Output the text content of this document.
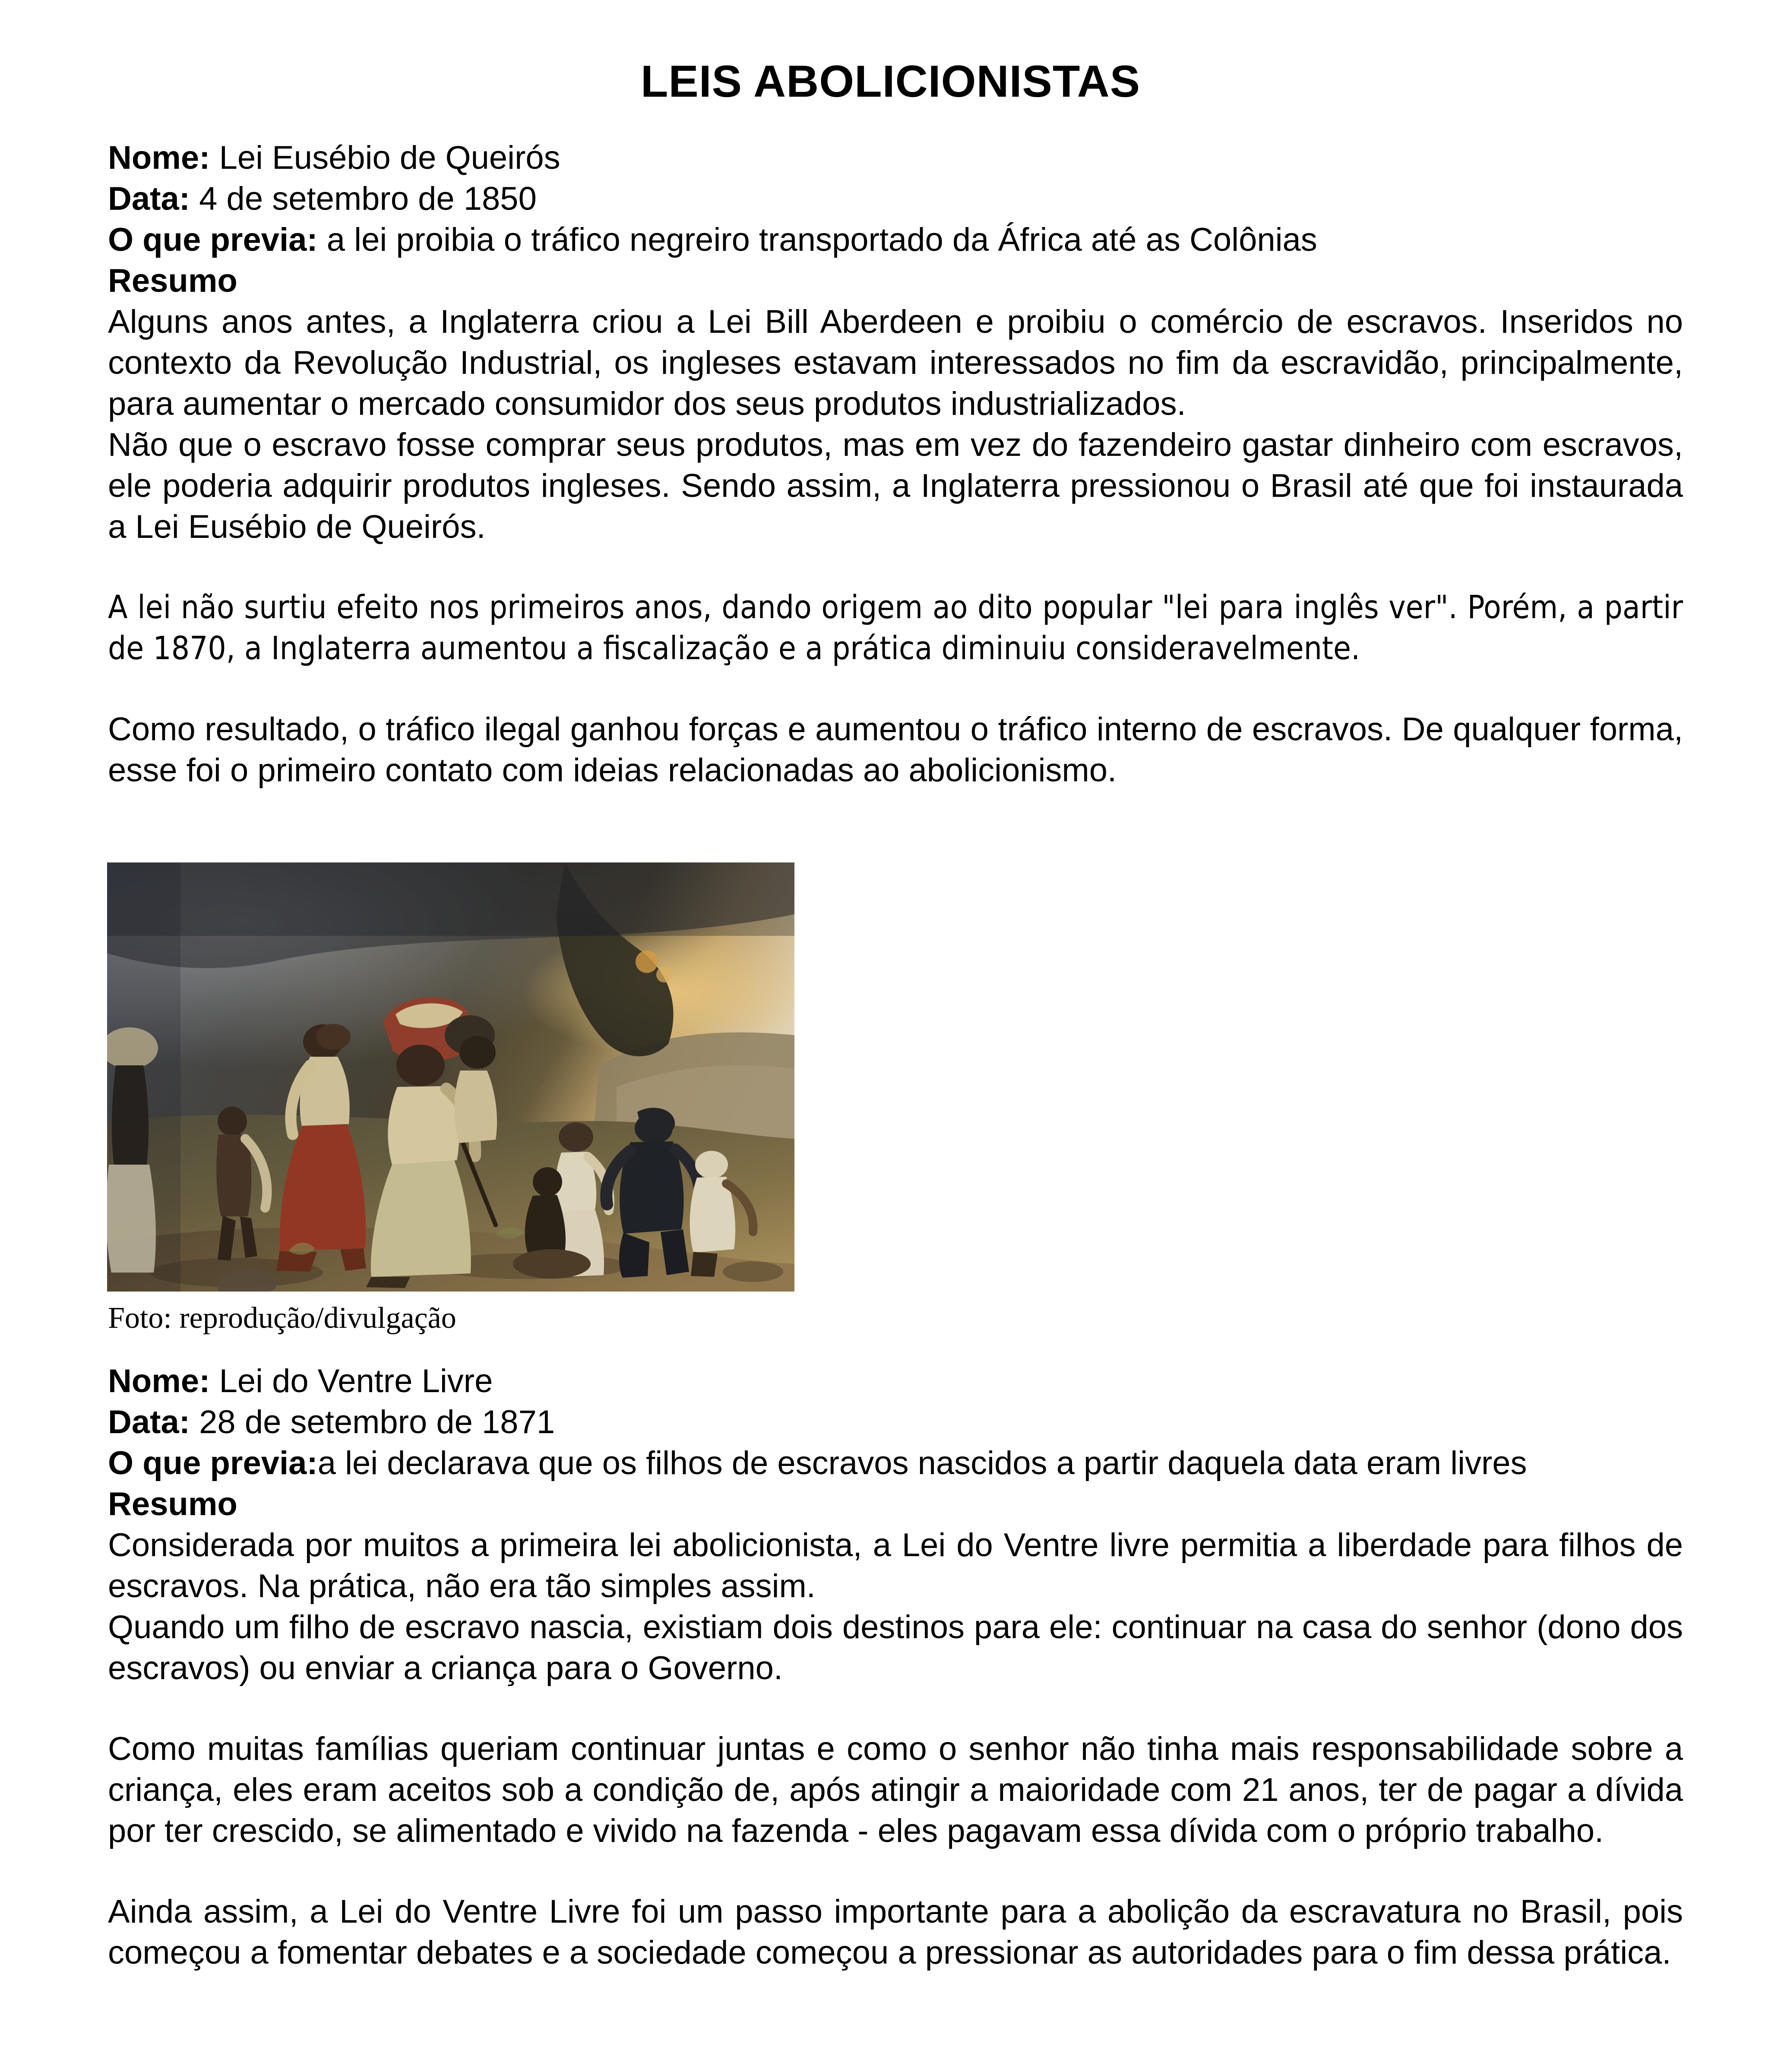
LEIS ABOLICIONISTAS
Nome: Lei Eusébio de Queirós
Data: 4 de setembro de 1850
O que previa: a lei proibia o tráfico negreiro transportado da África até as Colônias
Resumo

Alguns anos antes, a Inglaterra criou a Lei Bill Aberdeen e proibiu o comércio de escravos. Inseridos no contexto da Revolução Industrial, os ingleses estavam interessados no fim da escravidão, principalmente, para aumentar o mercado consumidor dos seus produtos industrializados.

Não que o escravo fosse comprar seus produtos, mas em vez do fazendeiro gastar dinheiro com escravos, ele poderia adquirir produtos ingleses. Sendo assim, a Inglaterra pressionou o Brasil até que foi instaurada a Lei Eusébio de Queirós.

A lei não surtiu efeito nos primeiros anos, dando origem ao dito popular "lei para inglês ver". Porém, a partir de 1870, a Inglaterra aumentou a fiscalização e a prática diminuiu consideravelmente.

Como resultado, o tráfico ilegal ganhou forças e aumentou o tráfico interno de escravos. De qualquer forma, esse foi o primeiro contato com ideias relacionadas ao abolicionismo.

Foto: reprodução/divulgação
Nome: Lei do Ventre Livre
Data: 28 de setembro de 1871
O que previa:a lei declarava que os filhos de escravos nascidos a partir daquela data eram livres
Resumo

Considerada por muitos a primeira lei abolicionista, a Lei do Ventre livre permitia a liberdade para filhos de escravos. Na prática, não era tão simples assim.

Quando um filho de escravo nascia, existiam dois destinos para ele: continuar na casa do senhor (dono dos escravos) ou enviar a criança para o Governo.

Como muitas famílias queriam continuar juntas e como o senhor não tinha mais responsabilidade sobre a criança, eles eram aceitos sob a condição de, após atingir a maioridade com 21 anos, ter de pagar a dívida por ter crescido, se alimentado e vivido na fazenda - eles pagavam essa dívida com o próprio trabalho.

Ainda assim, a Lei do Ventre Livre foi um passo importante para a abolição da escravatura no Brasil, pois começou a fomentar debates e a sociedade começou a pressionar as autoridades para o fim dessa prática.
